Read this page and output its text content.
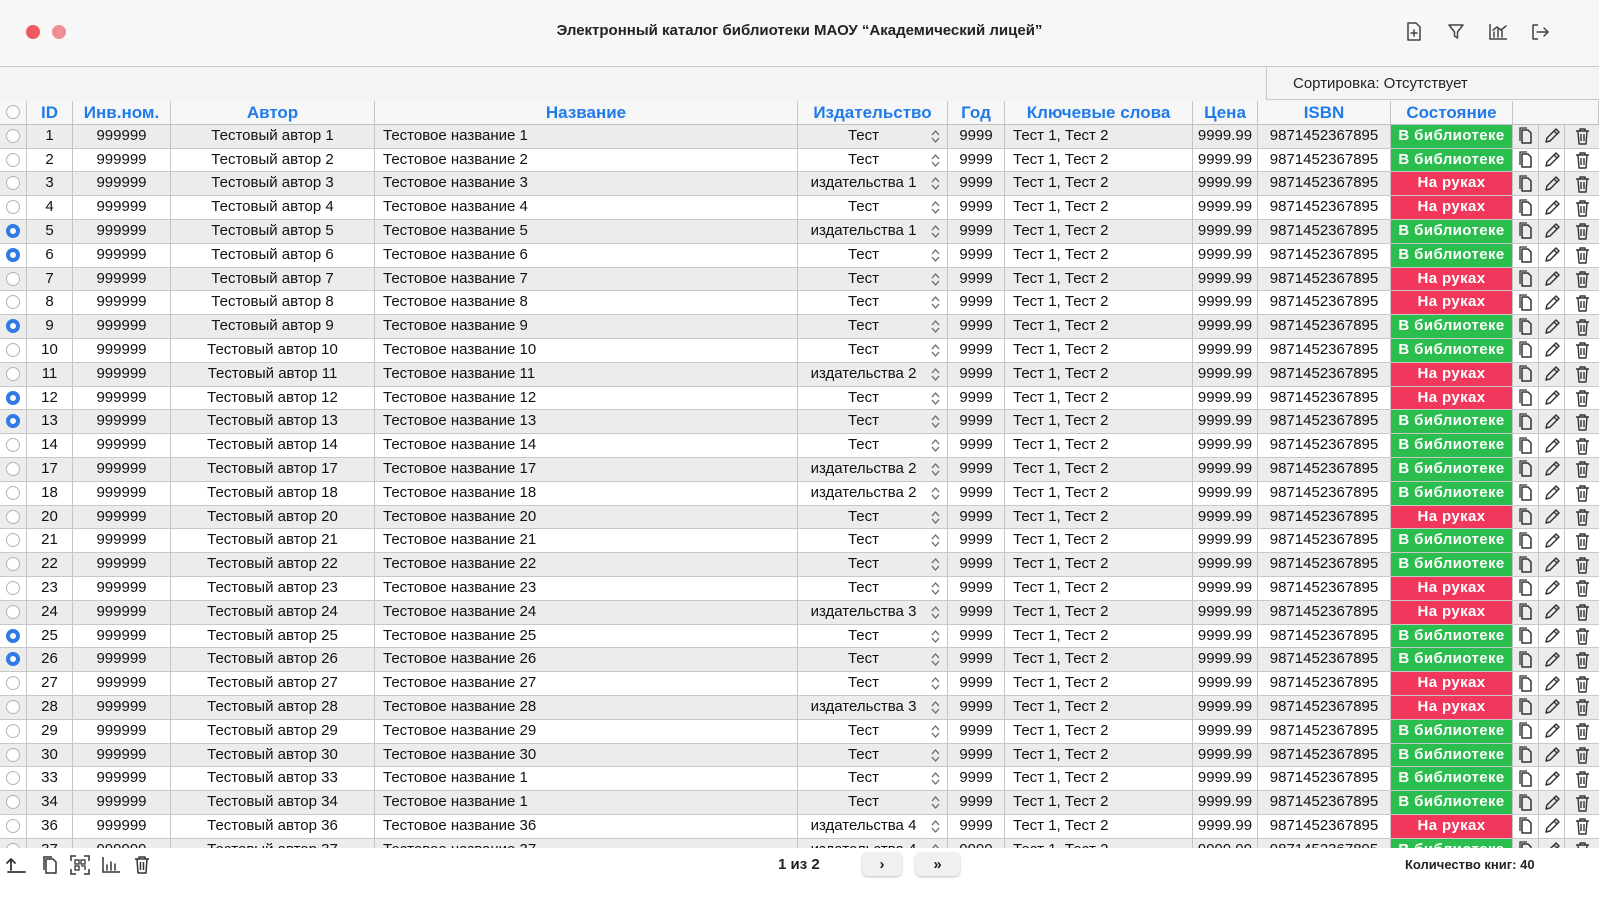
Электронный каталог библиотеки МАОУ “Академический лицей”
Сортировка: Отсутствует
ID	Инв.ном.	Автор	Название	Издательство	Год	Ключевые слова	Цена	ISBN	Состояние
1	999999	Тестовый автор 1	Тестовое название 1	Тест	9999	Тест 1, Тест 2	9999.99	9871452367895	В библиотеке
2	999999	Тестовый автор 2	Тестовое название 2	Тест	9999	Тест 1, Тест 2	9999.99	9871452367895	В библиотеке
3	999999	Тестовый автор 3	Тестовое название 3	издательства 1	9999	Тест 1, Тест 2	9999.99	9871452367895	На руках
4	999999	Тестовый автор 4	Тестовое название 4	Тест	9999	Тест 1, Тест 2	9999.99	9871452367895	На руках
5	999999	Тестовый автор 5	Тестовое название 5	издательства 1	9999	Тест 1, Тест 2	9999.99	9871452367895	В библиотеке
6	999999	Тестовый автор 6	Тестовое название 6	Тест	9999	Тест 1, Тест 2	9999.99	9871452367895	В библиотеке
7	999999	Тестовый автор 7	Тестовое название 7	Тест	9999	Тест 1, Тест 2	9999.99	9871452367895	На руках
8	999999	Тестовый автор 8	Тестовое название 8	Тест	9999	Тест 1, Тест 2	9999.99	9871452367895	На руках
9	999999	Тестовый автор 9	Тестовое название 9	Тест	9999	Тест 1, Тест 2	9999.99	9871452367895	В библиотеке
10	999999	Тестовый автор 10	Тестовое название 10	Тест	9999	Тест 1, Тест 2	9999.99	9871452367895	В библиотеке
11	999999	Тестовый автор 11	Тестовое название 11	издательства 2	9999	Тест 1, Тест 2	9999.99	9871452367895	На руках
12	999999	Тестовый автор 12	Тестовое название 12	Тест	9999	Тест 1, Тест 2	9999.99	9871452367895	На руках
13	999999	Тестовый автор 13	Тестовое название 13	Тест	9999	Тест 1, Тест 2	9999.99	9871452367895	В библиотеке
14	999999	Тестовый автор 14	Тестовое название 14	Тест	9999	Тест 1, Тест 2	9999.99	9871452367895	В библиотеке
17	999999	Тестовый автор 17	Тестовое название 17	издательства 2	9999	Тест 1, Тест 2	9999.99	9871452367895	В библиотеке
18	999999	Тестовый автор 18	Тестовое название 18	издательства 2	9999	Тест 1, Тест 2	9999.99	9871452367895	В библиотеке
20	999999	Тестовый автор 20	Тестовое название 20	Тест	9999	Тест 1, Тест 2	9999.99	9871452367895	На руках
21	999999	Тестовый автор 21	Тестовое название 21	Тест	9999	Тест 1, Тест 2	9999.99	9871452367895	В библиотеке
22	999999	Тестовый автор 22	Тестовое название 22	Тест	9999	Тест 1, Тест 2	9999.99	9871452367895	В библиотеке
23	999999	Тестовый автор 23	Тестовое название 23	Тест	9999	Тест 1, Тест 2	9999.99	9871452367895	На руках
24	999999	Тестовый автор 24	Тестовое название 24	издательства 3	9999	Тест 1, Тест 2	9999.99	9871452367895	На руках
25	999999	Тестовый автор 25	Тестовое название 25	Тест	9999	Тест 1, Тест 2	9999.99	9871452367895	В библиотеке
26	999999	Тестовый автор 26	Тестовое название 26	Тест	9999	Тест 1, Тест 2	9999.99	9871452367895	В библиотеке
27	999999	Тестовый автор 27	Тестовое название 27	Тест	9999	Тест 1, Тест 2	9999.99	9871452367895	На руках
28	999999	Тестовый автор 28	Тестовое название 28	издательства 3	9999	Тест 1, Тест 2	9999.99	9871452367895	На руках
29	999999	Тестовый автор 29	Тестовое название 29	Тест	9999	Тест 1, Тест 2	9999.99	9871452367895	В библиотеке
30	999999	Тестовый автор 30	Тестовое название 30	Тест	9999	Тест 1, Тест 2	9999.99	9871452367895	В библиотеке
33	999999	Тестовый автор 33	Тестовое название 1	Тест	9999	Тест 1, Тест 2	9999.99	9871452367895	В библиотеке
34	999999	Тестовый автор 34	Тестовое название 1	Тест	9999	Тест 1, Тест 2	9999.99	9871452367895	В библиотеке
36	999999	Тестовый автор 36	Тестовое название 36	издательства 4	9999	Тест 1, Тест 2	9999.99	9871452367895	На руках
1 из 2	›	»	Количество книг: 40
